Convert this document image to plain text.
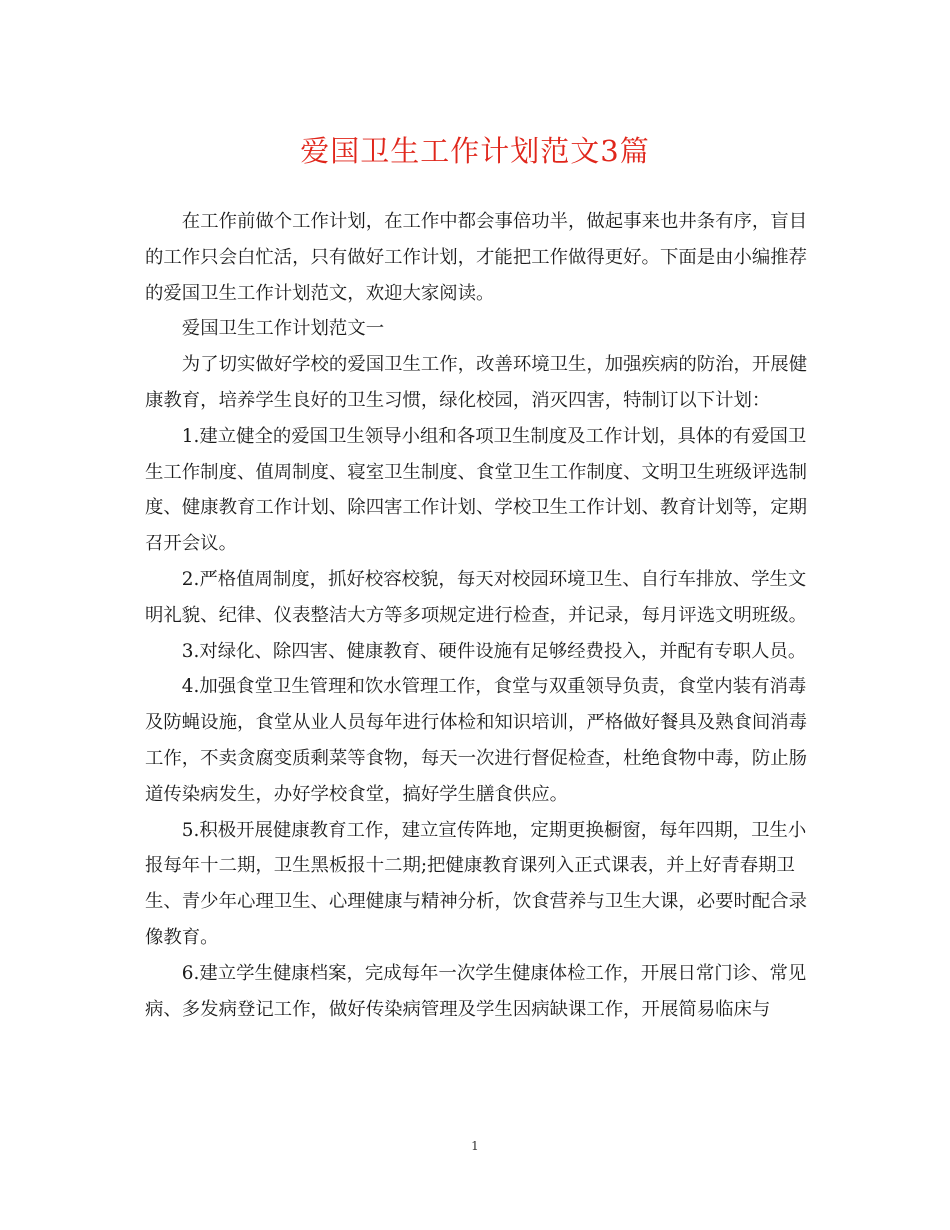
爱国卫生工作计划范文3篇

在工作前做个工作计划，在工作中都会事倍功半，做起事来也井条有序，盲目的工作只会白忙活，只有做好工作计划，才能把工作做得更好。下面是由小编推荐的爱国卫生工作计划范文，欢迎大家阅读。

爱国卫生工作计划范文一

为了切实做好学校的爱国卫生工作，改善环境卫生，加强疾病的防治，开展健康教育，培养学生良好的卫生习惯，绿化校园，消灭四害，特制订以下计划：

1.建立健全的爱国卫生领导小组和各项卫生制度及工作计划，具体的有爱国卫生工作制度、值周制度、寝室卫生制度、食堂卫生工作制度、文明卫生班级评选制度、健康教育工作计划、除四害工作计划、学校卫生工作计划、教育计划等，定期召开会议。

2.严格值周制度，抓好校容校貌，每天对校园环境卫生、自行车排放、学生文明礼貌、纪律、仪表整洁大方等多项规定进行检查，并记录，每月评选文明班级。

3.对绿化、除四害、健康教育、硬件设施有足够经费投入，并配有专职人员。

4.加强食堂卫生管理和饮水管理工作，食堂与双重领导负责，食堂内装有消毒及防蝇设施，食堂从业人员每年进行体检和知识培训，严格做好餐具及熟食间消毒工作，不卖贪腐变质剩菜等食物，每天一次进行督促检查，杜绝食物中毒，防止肠道传染病发生，办好学校食堂，搞好学生膳食供应。

5.积极开展健康教育工作，建立宣传阵地，定期更换橱窗，每年四期，卫生小报每年十二期，卫生黑板报十二期;把健康教育课列入正式课表，并上好青春期卫生、青少年心理卫生、心理健康与精神分析，饮食营养与卫生大课，必要时配合录像教育。

6.建立学生健康档案，完成每年一次学生健康体检工作，开展日常门诊、常见病、多发病登记工作，做好传染病管理及学生因病缺课工作，开展简易临床与

1
